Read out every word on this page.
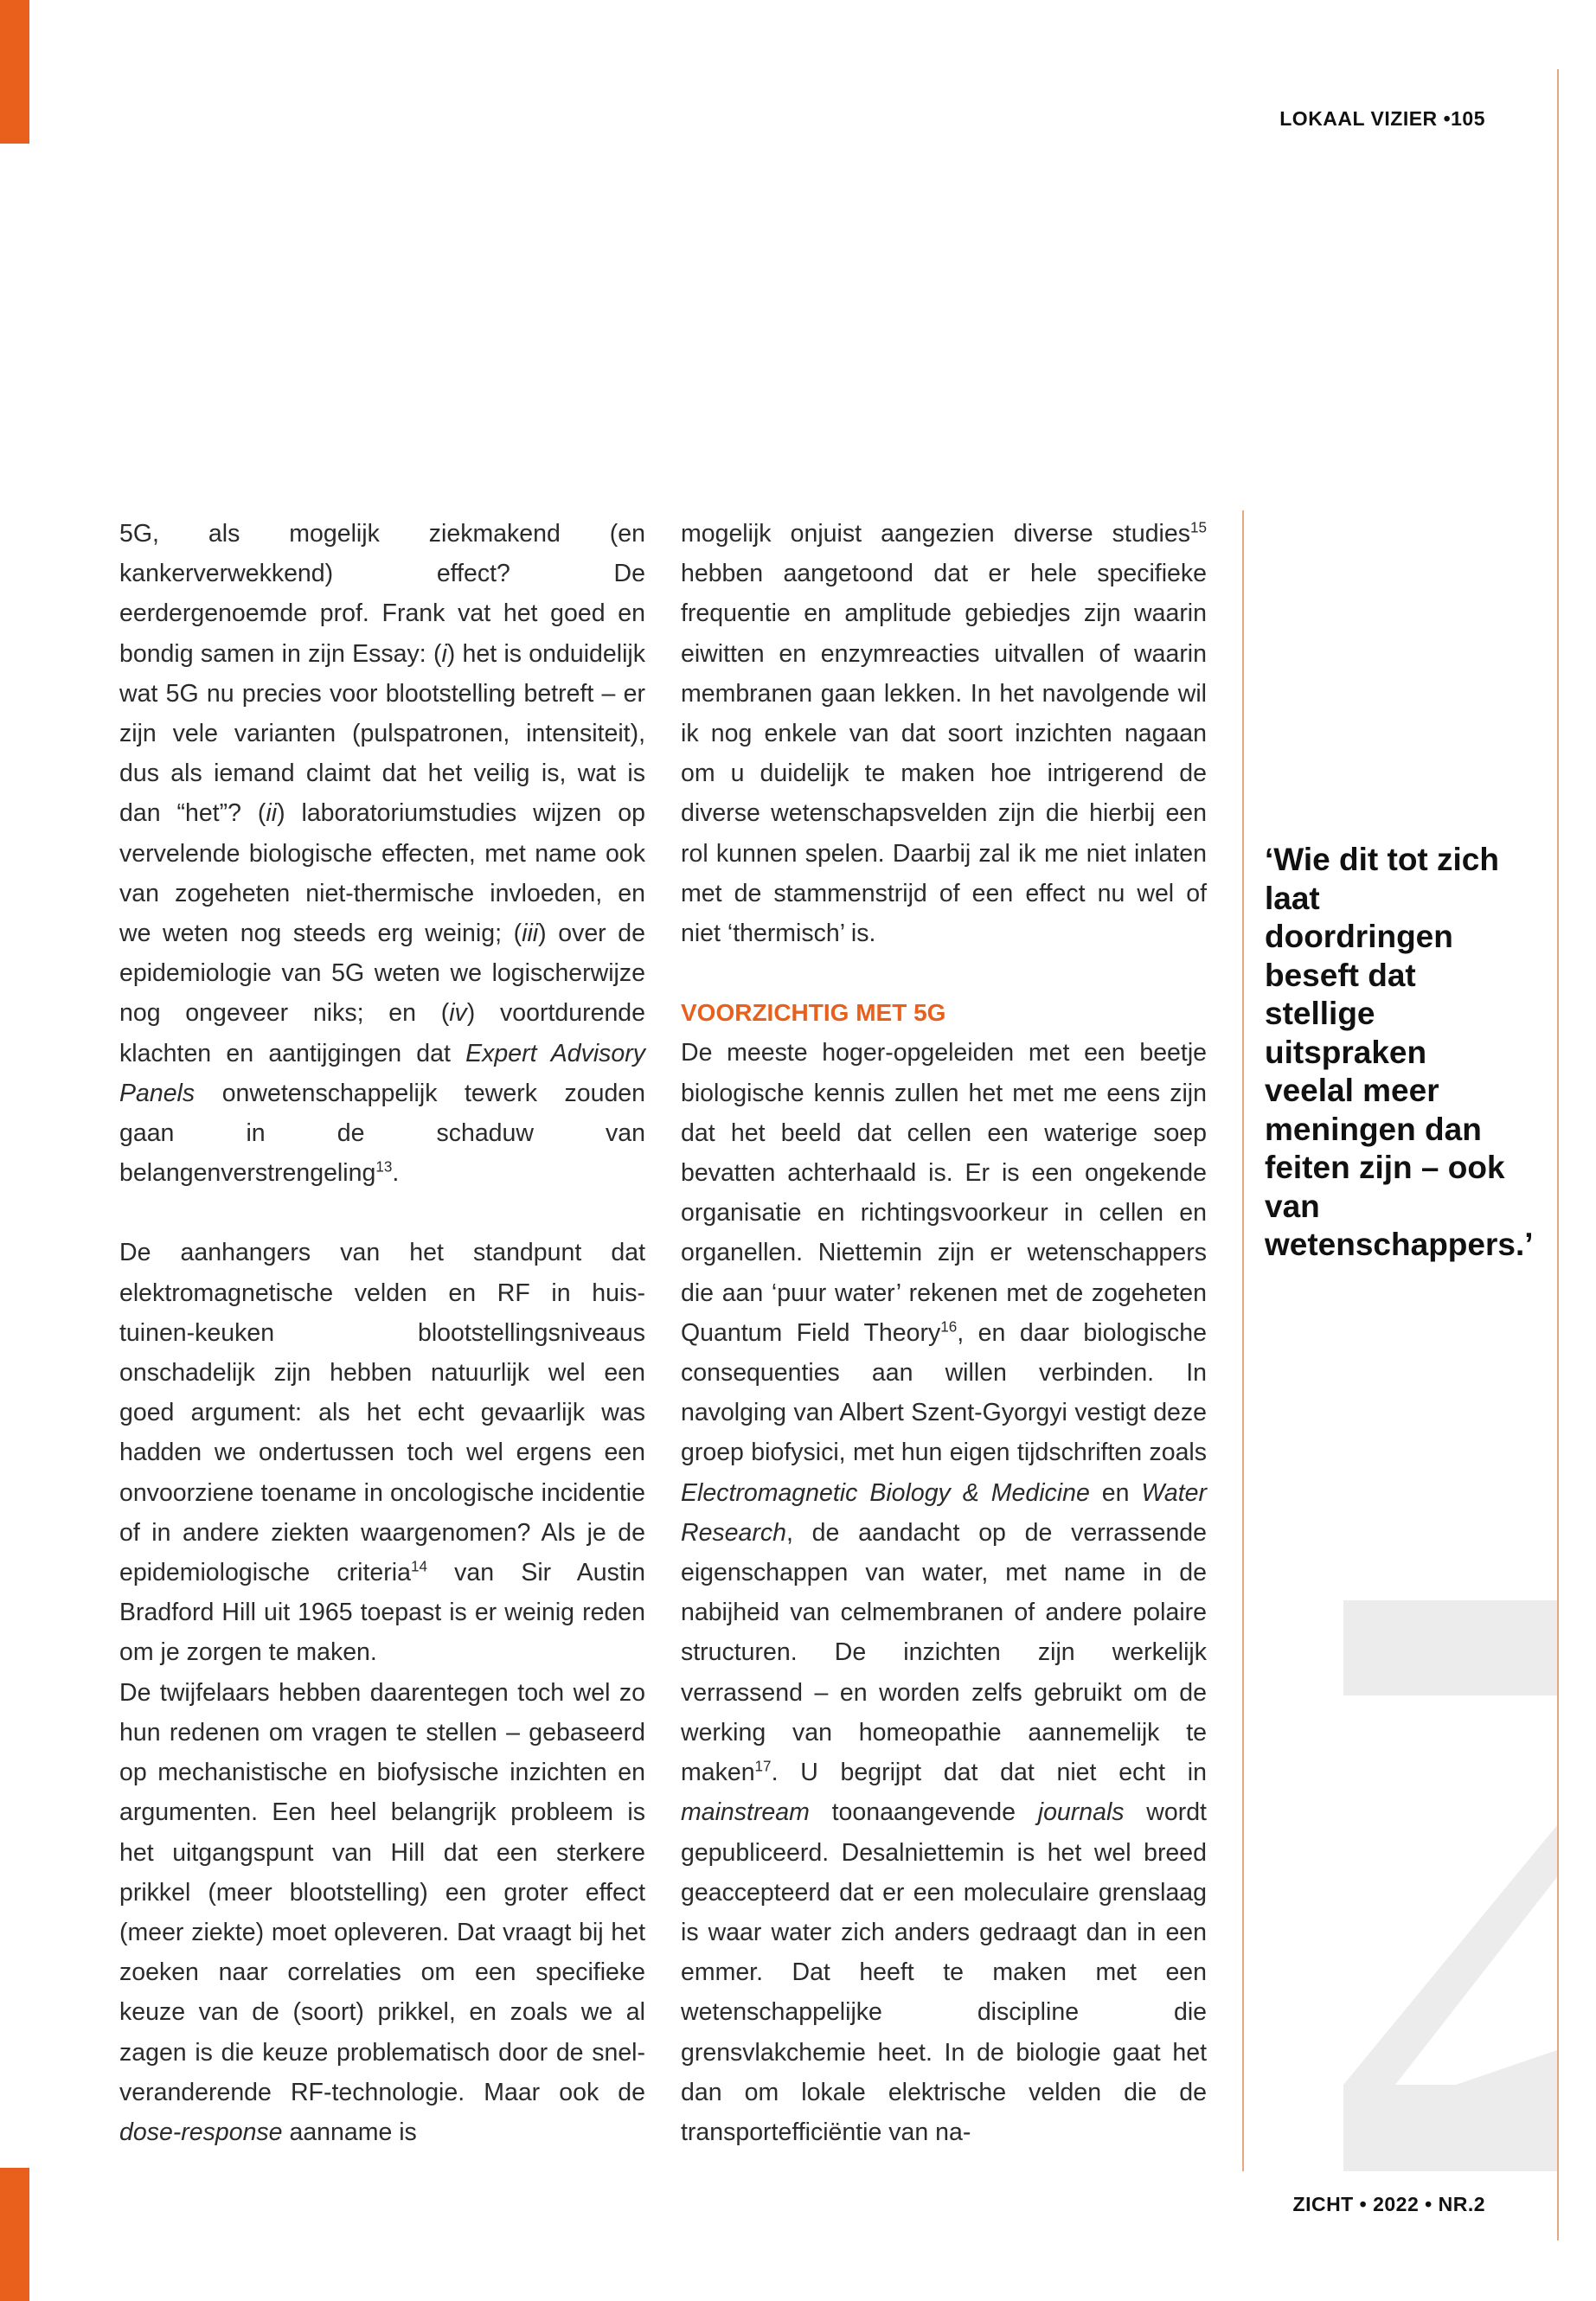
LOKAAL VIZIER •105

5G, als mogelijk ziekmakend (en kankerverwekkend) effect? De eerdergenoemde prof. Frank vat het goed en bondig samen in zijn Essay: (i) het is onduidelijk wat 5G nu precies voor blootstelling betreft – er zijn vele varianten (pulspatronen, intensiteit), dus als iemand claimt dat het veilig is, wat is dan “het”? (ii) laboratoriumstudies wijzen op vervelende biologische effecten, met name ook van zogeheten niet-thermische invloeden, en we weten nog steeds erg weinig; (iii) over de epidemiologie van 5G weten we logischerwijze nog ongeveer niks; en (iv) voortdurende klachten en aantijgingen dat Expert Advisory Panels onwetenschappelijk tewerk zouden gaan in de schaduw van belangenverstrengeling$^{13}$.

De aanhangers van het standpunt dat elektromagnetische velden en RF in huis-tuinen-keuken blootstellingsniveaus onschadelijk zijn hebben natuurlijk wel een goed argument: als het echt gevaarlijk was hadden we ondertussen toch wel ergens een onvoorziene toename in oncologische incidentie of in andere ziekten waargenomen? Als je de epidemiologische criteria$^{14}$ van Sir Austin Bradford Hill uit 1965 toepast is er weinig reden om je zorgen te maken.

De twijfelaars hebben daarentegen toch wel zo hun redenen om vragen te stellen – gebaseerd op mechanistische en biofysische inzichten en argumenten. Een heel belangrijk probleem is het uitgangspunt van Hill dat een sterkere prikkel (meer blootstelling) een groter effect (meer ziekte) moet opleveren. Dat vraagt bij het zoeken naar correlaties om een specifieke keuze van de (soort) prikkel, en zoals we al zagen is die keuze problematisch door de snel-veranderende RF-technologie. Maar ook de dose-response aanname is

mogelijk onjuist aangezien diverse studies$^{15}$ hebben aangetoond dat er hele specifieke frequentie en amplitude gebiedjes zijn waarin eiwitten en enzymreacties uitvallen of waarin membranen gaan lekken. In het navolgende wil ik nog enkele van dat soort inzichten nagaan om u duidelijk te maken hoe intrigerend de diverse wetenschapsvelden zijn die hierbij een rol kunnen spelen. Daarbij zal ik me niet inlaten met de stammenstrijd of een effect nu wel of niet ‘thermisch’ is.

VOORZICHTIG MET 5G

De meeste hoger-opgeleiden met een beetje biologische kennis zullen het met me eens zijn dat het beeld dat cellen een waterige soep bevatten achterhaald is. Er is een ongekende organisatie en richtingsvoorkeur in cellen en organellen. Niettemin zijn er wetenschappers die aan ‘puur water’ rekenen met de zogeheten Quantum Field Theory$^{16}$, en daar biologische consequenties aan willen verbinden. In navolging van Albert Szent-Gyorgyi vestigt deze groep biofysici, met hun eigen tijdschriften zoals Electromagnetic Biology & Medicine en Water Research, de aandacht op de verrassende eigenschappen van water, met name in de nabijheid van celmembranen of andere polaire structuren. De inzichten zijn werkelijk verrassend – en worden zelfs gebruikt om de werking van homeopathie aannemelijk te maken$^{17}$. U begrijpt dat dat niet echt in mainstream toonaangevende journals wordt gepubliceerd. Desalniettemin is het wel breed geaccepteerd dat er een moleculaire grenslaag is waar water zich anders gedraagt dan in een emmer. Dat heeft te maken met een wetenschappelijke discipline die grensvlakchemie heet. In de biologie gaat het dan om lokale elektrische velden die de transportefficiëntie van na-

‘Wie dit tot zich laat doordringen beseft dat stellige uitspraken veelal meer meningen dan feiten zijn – ook van wetenschappers.’
ZICHT • 2022 • NR.2
